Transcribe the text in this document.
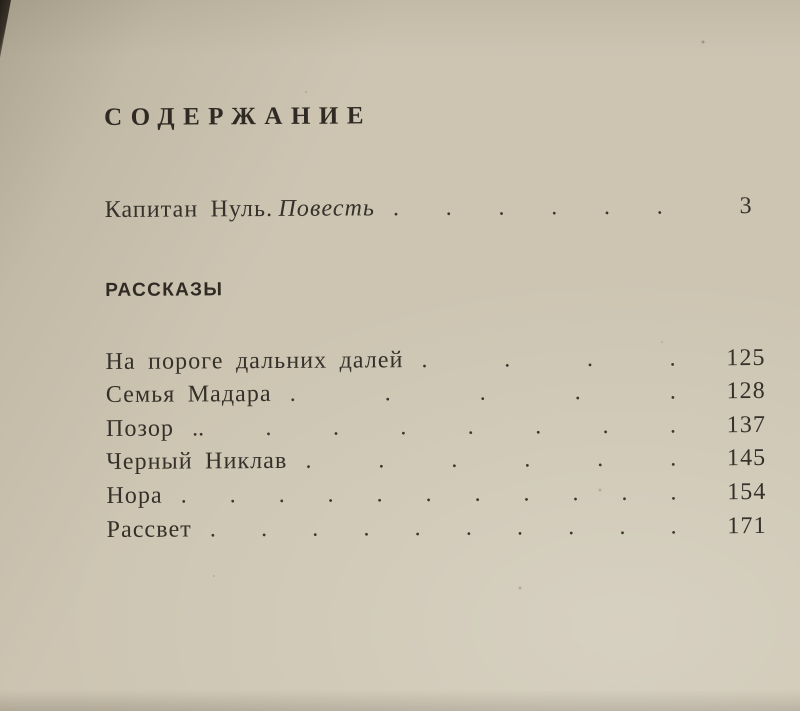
СОДЕРЖАНИЕ
Капитан Нуль. Повесть . . . . . .	3
РАССКАЗЫ
На пороге дальних далей . . . .	125
Семья Мадара . . . . .	128
Позор .. . . . . . . .	137
Черный Никлав . . . . . .	145
Нора . . . . . . . . . . .	154
Рассвет . . . . . . . . . .	171
